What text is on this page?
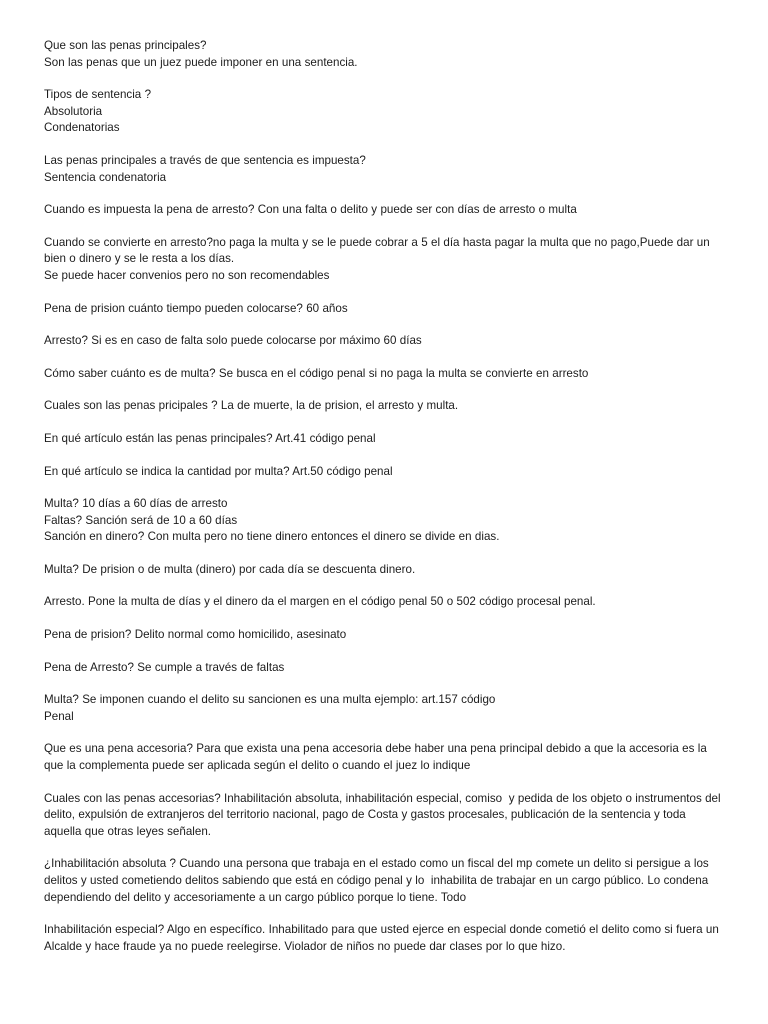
Que son las penas principales?
Son las penas que un juez puede imponer en una sentencia.

Tipos de sentencia ?
Absolutoria
Condenatorias

Las penas principales a través de que sentencia es impuesta?
Sentencia condenatoria

Cuando es impuesta la pena de arresto? Con una falta o delito y puede ser con días de arresto o multa

Cuando se convierte en arresto?no paga la multa y se le puede cobrar a 5 el día hasta pagar la multa que no pago,Puede dar un bien o dinero y se le resta a los días.
Se puede hacer convenios pero no son recomendables

Pena de prision cuánto tiempo pueden colocarse? 60 años

Arresto? Si es en caso de falta solo puede colocarse por máximo 60 días

Cómo saber cuánto es de multa? Se busca en el código penal si no paga la multa se convierte en arresto

Cuales son las penas pricipales ? La de muerte, la de prision, el arresto y multa.

En qué artículo están las penas principales? Art.41 código penal

En qué artículo se indica la cantidad por multa? Art.50 código penal

Multa? 10 días a 60 días de arresto
Faltas? Sanción será de 10 a 60 días
Sanción en dinero? Con multa pero no tiene dinero entonces el dinero se divide en dias.

Multa? De prision o de multa (dinero) por cada día se descuenta dinero.

Arresto. Pone la multa de días y el dinero da el margen en el código penal 50 o 502 código procesal penal.

Pena de prision? Delito normal como homicilido, asesinato

Pena de Arresto? Se cumple a través de faltas

Multa? Se imponen cuando el delito su sancionen es una multa ejemplo: art.157 código
Penal

Que es una pena accesoria? Para que exista una pena accesoria debe haber una pena principal debido a que la accesoria es la que la complementa puede ser aplicada según el delito o cuando el juez lo indique

Cuales con las penas accesorias? Inhabilitación absoluta, inhabilitación especial, comiso  y pedida de los objeto o instrumentos del delito, expulsión de extranjeros del territorio nacional, pago de Costa y gastos procesales, publicación de la sentencia y toda aquella que otras leyes señalen.

¿Inhabilitación absoluta ? Cuando una persona que trabaja en el estado como un fiscal del mp comete un delito si persigue a los delitos y usted cometiendo delitos sabiendo que está en código penal y lo  inhabilita de trabajar en un cargo público. Lo condena dependiendo del delito y accesoriamente a un cargo público porque lo tiene. Todo

Inhabilitación especial? Algo en específico. Inhabilitado para que usted ejerce en especial donde cometió el delito como si fuera un Alcalde y hace fraude ya no puede reelegirse. Violador de niños no puede dar clases por lo que hizo.
